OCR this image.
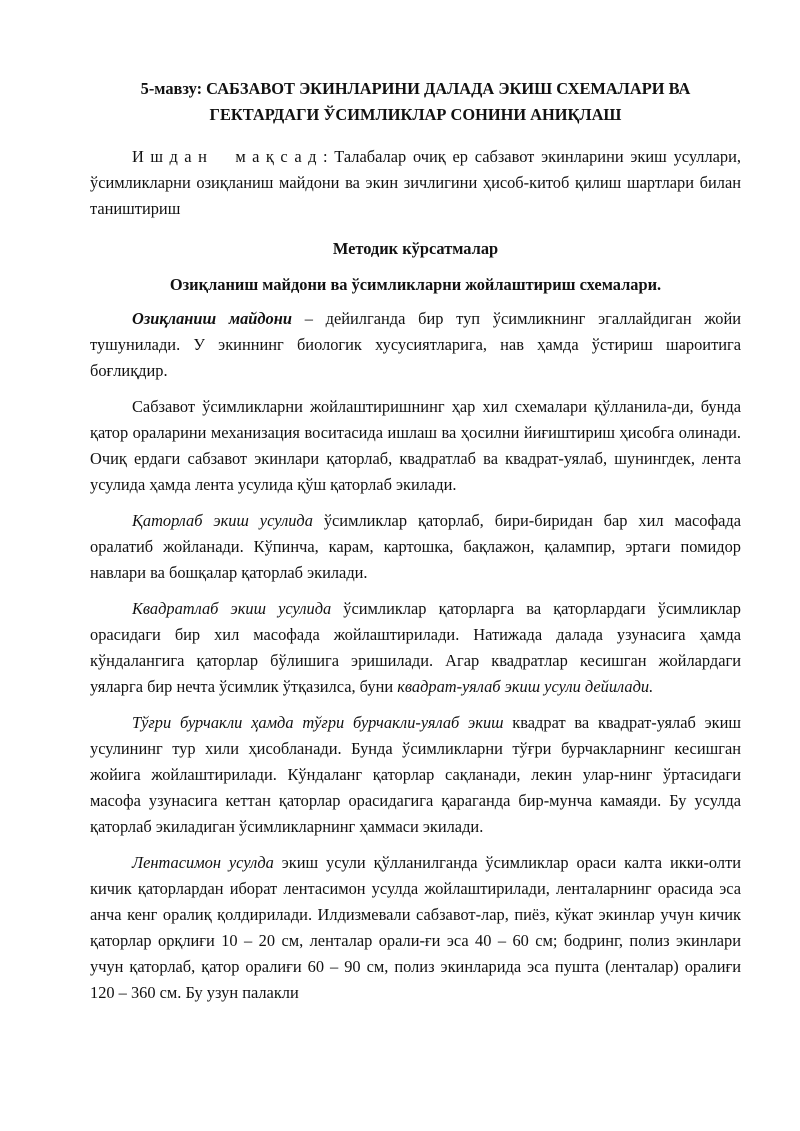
5-мавзу: САБЗАВОТ ЭКИНЛАРИНИ ДАЛАДА ЭКИШ СХЕМАЛАРИ ВА
ГЕКТАРДАГИ ЎСИМЛИКЛАР СОНИНИ АНИҚЛАШ

Ишдан мақсад: Талабалар очиқ ер сабзавот экинларини экиш усуллари, ўсимликларни озиқланиш майдони ва экин зичлигини ҳисоб-китоб қилиш шартлари билан таништириш

Методик кўрсатмалар

Озиқланиш майдони ва ўсимликларни жойлаштириш схемалари.

Озиқланиш майдони – дейилганда бир туп ўсимликнинг эгаллайдиган жойи тушунилади. У экиннинг биологик хусусиятларига, нав ҳамда ўстириш шароитига боғлиқдир.

Сабзавот ўсимликларни жойлаштиришнинг ҳар хил схемалари қўлланила-ди, бунда қатор ораларини механизация воситасида ишлаш ва ҳосилни йиғиштириш ҳисобга олинади. Очиқ ердаги сабзавот экинлари қаторлаб, квадратлаб ва квадрат-уялаб, шунингдек, лента усулида ҳамда лента усулида қўш қаторлаб экилади.

Қаторлаб экиш усулида ўсимликлар қаторлаб, бири-биридан бар хил масофада оралатиб жойланади. Кўпинча, карам, картошка, бақлажон, қалампир, эртаги помидор навлари ва бошқалар қаторлаб экилади.

Квадратлаб экиш усулида ўсимликлар қаторларга ва қаторлардаги ўсимликлар орасидаги бир хил масофада жойлаштирилади. Натижада далада узунасига ҳамда кўндалангига қаторлар бўлишига эришилади. Агар квадратлар кесишган жойлардаги уяларга бир нечта ўсимлик ўтқазилса, буни квадрат-уялаб экиш усули дейилади.

Тўғри бурчакли ҳамда тўғри бурчакли-уялаб экиш квадрат ва квадрат-уялаб экиш усулининг тур хили ҳисобланади. Бунда ўсимликларни тўғри бурчакларнинг кесишган жойига жойлаштирилади. Кўндаланг қаторлар сақланади, лекин улар-нинг ўртасидаги масофа узунасига кеттан қаторлар орасидагига қараганда бир-мунча камаяди. Бу усулда қаторлаб экиладиган ўсимликларнинг ҳаммаси экилади.

Лентасимон усулда экиш усули қўлланилганда ўсимликлар ораси калта икки-олти кичик қаторлардан иборат лентасимон усулда жойлаштирилади, ленталарнинг орасида эса анча кенг оралиқ қолдирилади. Илдизмевали сабзавот-лар, пиёз, кўкат экинлар учун кичик қаторлар орқлиғи 10 – 20 см, ленталар орали-ғи эса 40 – 60 см; бодринг, полиз экинлари учун қаторлаб, қатор оралиғи 60 – 90 см, полиз экинларида эса пушта (ленталар) оралиғи 120 – 360 см. Бу узун палакли
